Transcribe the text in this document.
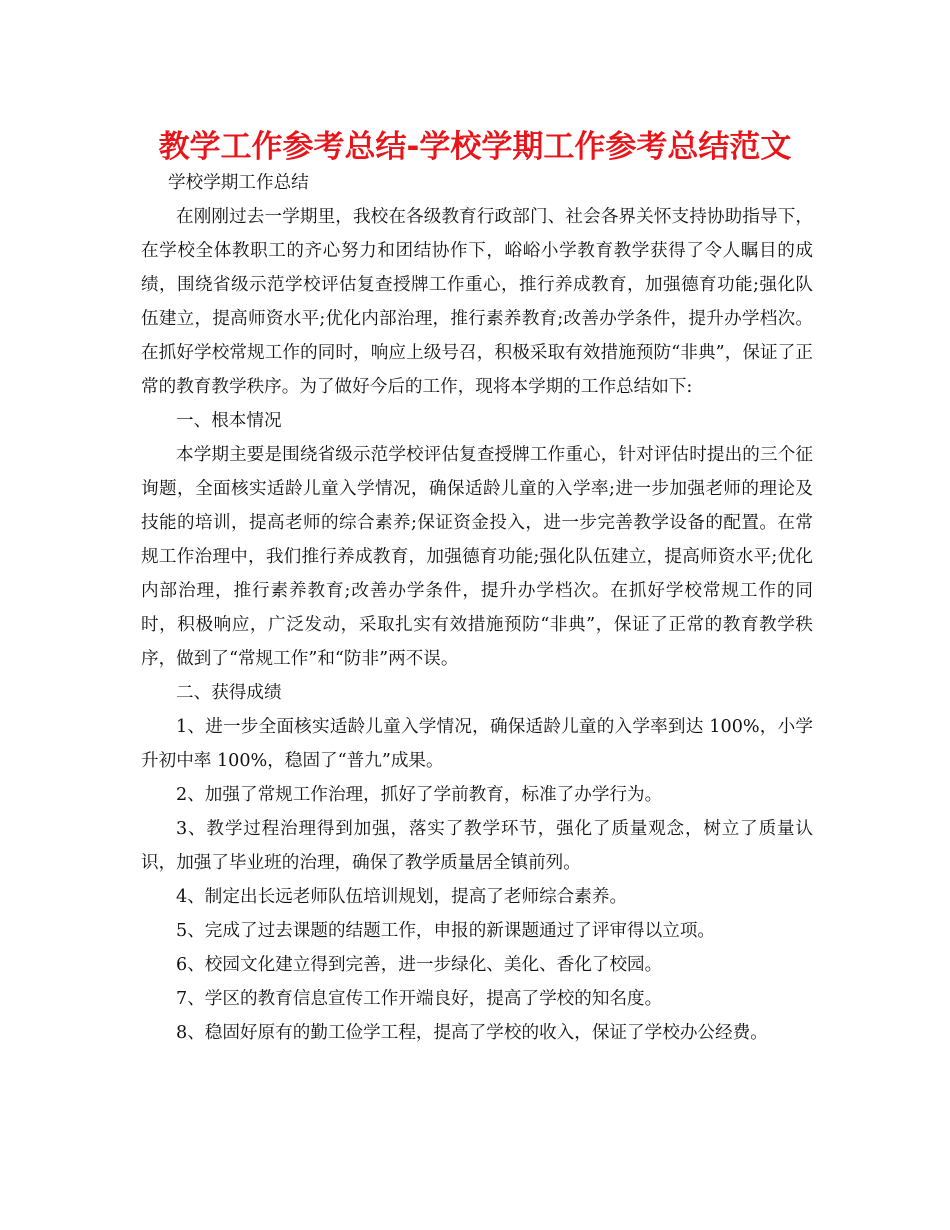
教学工作参考总结-学校学期工作参考总结范文

学校学期工作总结

在刚刚过去一学期里，我校在各级教育行政部门、社会各界关怀支持协助指导下，在学校全体教职工的齐心努力和团结协作下，峪峪小学教育教学获得了令人瞩目的成绩，围绕省级示范学校评估复查授牌工作重心，推行养成教育，加强德育功能;强化队伍建立，提高师资水平;优化内部治理，推行素养教育;改善办学条件，提升办学档次。在抓好学校常规工作的同时，响应上级号召，积极采取有效措施预防“非典”，保证了正常的教育教学秩序。为了做好今后的工作，现将本学期的工作总结如下:

一、根本情况

本学期主要是围绕省级示范学校评估复查授牌工作重心，针对评估时提出的三个征询题，全面核实适龄儿童入学情况，确保适龄儿童的入学率;进一步加强老师的理论及技能的培训，提高老师的综合素养;保证资金投入，进一步完善教学设备的配置。在常规工作治理中，我们推行养成教育，加强德育功能;强化队伍建立，提高师资水平;优化内部治理，推行素养教育;改善办学条件，提升办学档次。在抓好学校常规工作的同时，积极响应，广泛发动，采取扎实有效措施预防“非典”，保证了正常的教育教学秩序，做到了“常规工作”和“防非”两不误。

二、获得成绩

1、进一步全面核实适龄儿童入学情况，确保适龄儿童的入学率到达 100%，小学升初中率 100%，稳固了“普九”成果。

2、加强了常规工作治理，抓好了学前教育，标准了办学行为。

3、教学过程治理得到加强，落实了教学环节，强化了质量观念，树立了质量认识，加强了毕业班的治理，确保了教学质量居全镇前列。

4、制定出长远老师队伍培训规划，提高了老师综合素养。

5、完成了过去课题的结题工作，申报的新课题通过了评审得以立项。

6、校园文化建立得到完善，进一步绿化、美化、香化了校园。

7、学区的教育信息宣传工作开端良好，提高了学校的知名度。

8、稳固好原有的勤工俭学工程，提高了学校的收入，保证了学校办公经费。
